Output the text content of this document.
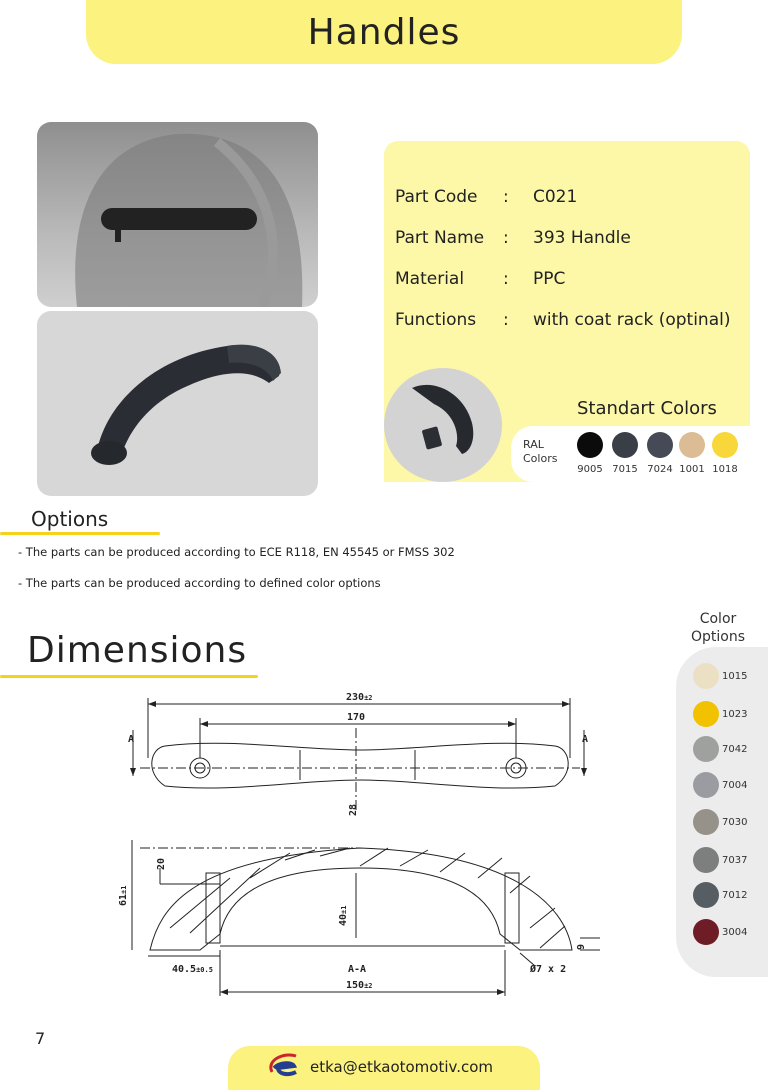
Handles
Part Code	:	C021
Part Name	:	393 Handle
Material	:	PPC
Functions	:	with coat rack (optinal)
Standart Colors
RAL
Colors
9005 7015 7024 1001 1018
Options
- The parts can be produced according to ECE R118, EN 45545 or FMSS 302
- The parts can be produced according to defined color options
Dimensions
230±2
170
A	A
28
61±1
20
40±1
40.5±0.5	A-A	Ø7 x 2
9
150±2
Color
Options
1015
1023
7042
7004
7030
7037
7012
3004
7
etka@etkaotomotiv.com
